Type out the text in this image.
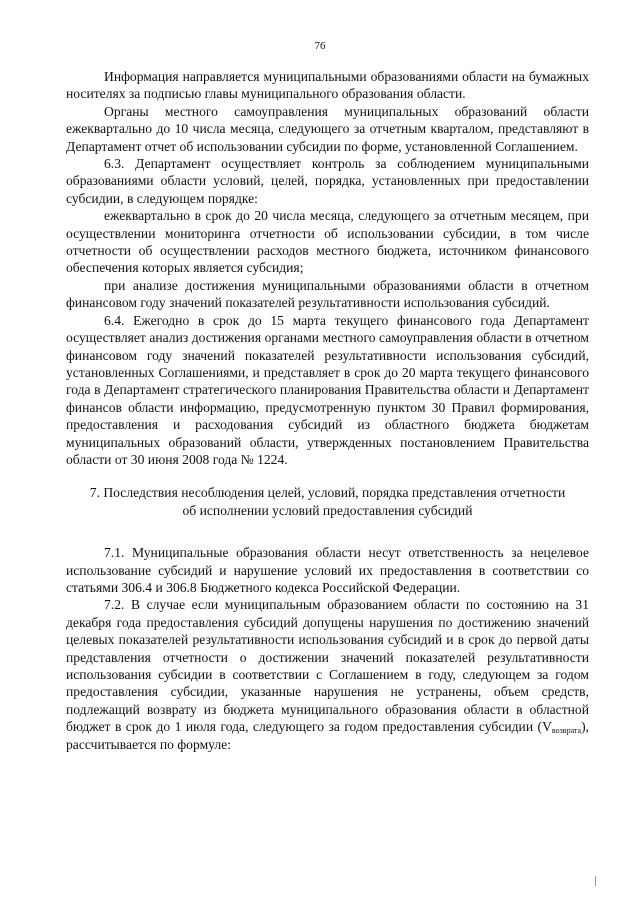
76

Информация направляется муниципальными образованиями области на бумажных носителях за подписью главы муниципального образования области.

Органы местного самоуправления муниципальных образований области ежеквартально до 10 числа месяца, следующего за отчетным кварталом, представляют в Департамент отчет об использовании субсидии по форме, установленной Соглашением.

6.3. Департамент осуществляет контроль за соблюдением муниципальными образованиями области условий, целей, порядка, установленных при предоставлении субсидии, в следующем порядке:

ежеквартально в срок до 20 числа месяца, следующего за отчетным месяцем, при осуществлении мониторинга отчетности об использовании субсидии, в том числе отчетности об осуществлении расходов местного бюджета, источником финансового обеспечения которых является субсидия;

при анализе достижения муниципальными образованиями области в отчетном финансовом году значений показателей результативности использования субсидий.

6.4. Ежегодно в срок до 15 марта текущего финансового года Департамент осуществляет анализ достижения органами местного самоуправления области в отчетном финансовом году значений показателей результативности использования субсидий, установленных Соглашениями, и представляет в срок до 20 марта текущего финансового года в Департамент стратегического планирования Правительства области и Департамент финансов области информацию, предусмотренную пунктом 30 Правил формирования, предоставления и расходования субсидий из областного бюджета бюджетам муниципальных образований области, утвержденных постановлением Правительства области от 30 июня 2008 года № 1224.

7. Последствия несоблюдения целей, условий, порядка представления отчетности
об исполнении условий предоставления субсидий

7.1. Муниципальные образования области несут ответственность за нецелевое использование субсидий и нарушение условий их предоставления в соответствии со статьями 306.4 и 306.8 Бюджетного кодекса Российской Федерации.

7.2. В случае если муниципальным образованием области по состоянию на 31 декабря года предоставления субсидий допущены нарушения по достижению значений целевых показателей результативности использования субсидий и в срок до первой даты представления отчетности о достижении значений показателей результативности использования субсидии в соответствии с Соглашением в году, следующем за годом предоставления субсидии, указанные нарушения не устранены, объем средств, подлежащий возврату из бюджета муниципального образования области в областной бюджет в срок до 1 июля года, следующего за годом предоставления субсидии $(V_{возврата})$, рассчитывается по формуле:
